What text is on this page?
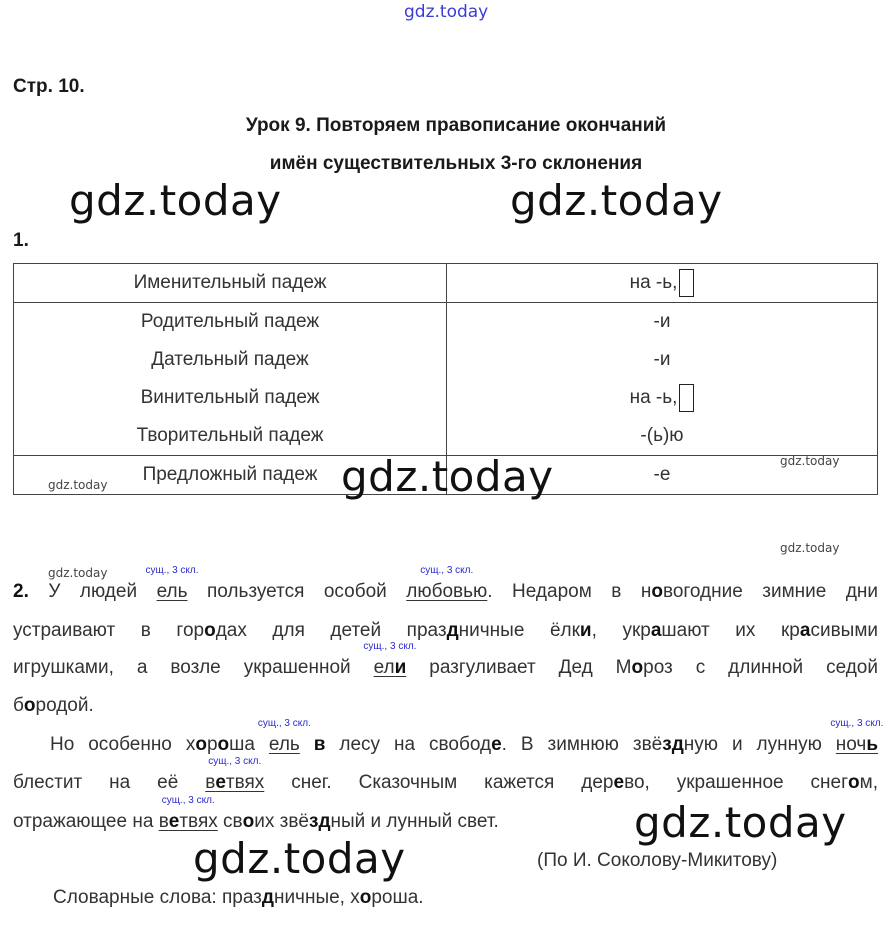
gdz.today
Стр. 10.
Урок 9. Повторяем правописание окончаний
имён существительных 3-го склонения
gdz.today	gdz.today
1.
Именительный падеж	на -ь,
Родительный падеж	-и
Дательный падеж	-и
Винительный падеж	на -ь,
Творительный падеж	-(ь)ю
Предложный падеж	-е
gdz.today
gdz.today
gdz.today
gdz.today
gdz.today
2. У людей
сущ., 3 скл.
ель пользуется особой
сущ., 3 скл.
любовью. Недаром в новогодние зимние дни
устраивают в городах для детей праздничные ёлки, украшают их красивыми
игрушками, а возле украшенной
сущ., 3 скл.
ели разгуливает Дед Мороз с длинной седой
бородой.
Но особенно хороша
сущ., 3 скл.
ель в лесу на свободе. В зимнюю звёздную и лунную
сущ., 3 скл.
ночь
блестит на её
сущ., 3 скл.
ветвях снег. Сказочным кажется дерево, украшенное снегом,
отражающее на
сущ., 3 скл.
ветвях своих звёздный и лунный свет.	gdz.today
gdz.today	(По И. Соколову-Микитову)
Словарные слова: праздничные, хороша.
